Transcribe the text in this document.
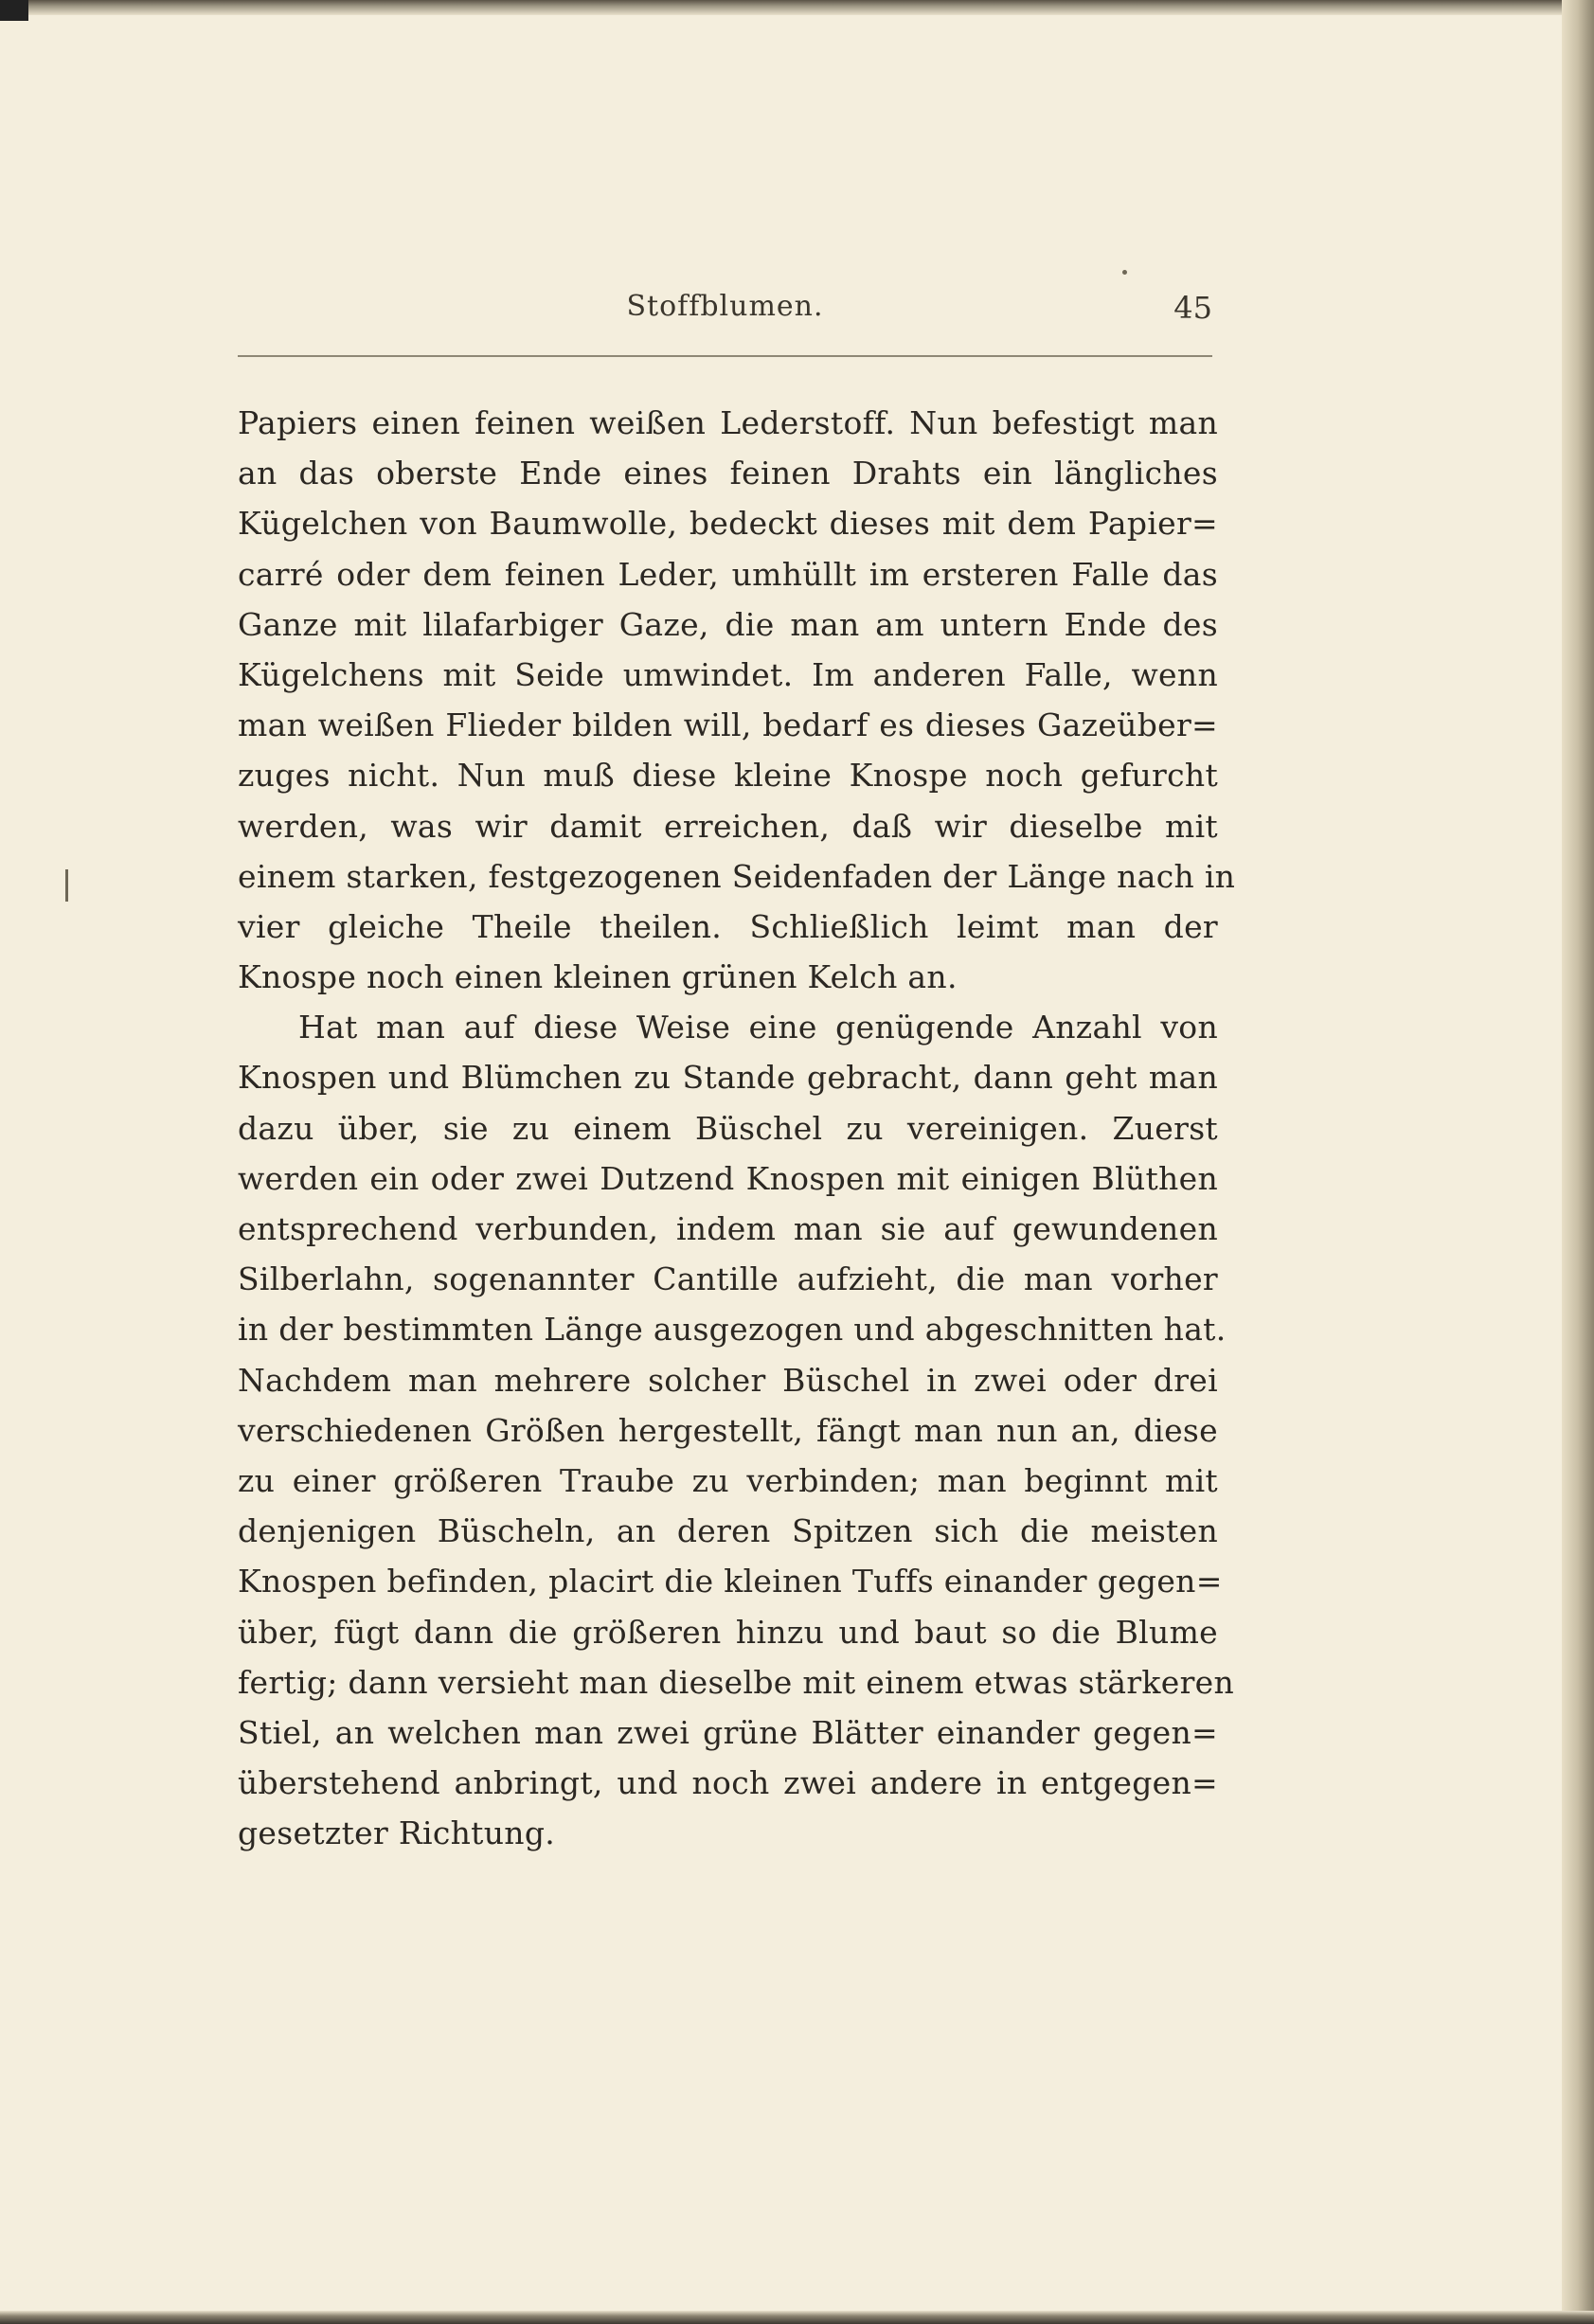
Stoffblumen.	45
Papiers einen feinen weißen Lederstoff. Nun befestigt man
an das oberste Ende eines feinen Drahts ein längliches
Kügelchen von Baumwolle, bedeckt dieses mit dem Papier=
carré oder dem feinen Leder, umhüllt im ersteren Falle das
Ganze mit lilafarbiger Gaze, die man am untern Ende des
Kügelchens mit Seide umwindet. Im anderen Falle, wenn
man weißen Flieder bilden will, bedarf es dieses Gazeüber=
zuges nicht. Nun muß diese kleine Knospe noch gefurcht
werden, was wir damit erreichen, daß wir dieselbe mit
einem starken, festgezogenen Seidenfaden der Länge nach in
vier gleiche Theile theilen. Schließlich leimt man der
Knospe noch einen kleinen grünen Kelch an.
Hat man auf diese Weise eine genügende Anzahl von
Knospen und Blümchen zu Stande gebracht, dann geht man
dazu über, sie zu einem Büschel zu vereinigen. Zuerst
werden ein oder zwei Dutzend Knospen mit einigen Blüthen
entsprechend verbunden, indem man sie auf gewundenen
Silberlahn, sogenannter Cantille aufzieht, die man vorher
in der bestimmten Länge ausgezogen und abgeschnitten hat.
Nachdem man mehrere solcher Büschel in zwei oder drei
verschiedenen Größen hergestellt, fängt man nun an, diese
zu einer größeren Traube zu verbinden; man beginnt mit
denjenigen Büscheln, an deren Spitzen sich die meisten
Knospen befinden, placirt die kleinen Tuffs einander gegen=
über, fügt dann die größeren hinzu und baut so die Blume
fertig; dann versieht man dieselbe mit einem etwas stärkeren
Stiel, an welchen man zwei grüne Blätter einander gegen=
überstehend anbringt, und noch zwei andere in entgegen=
gesetzter Richtung.
